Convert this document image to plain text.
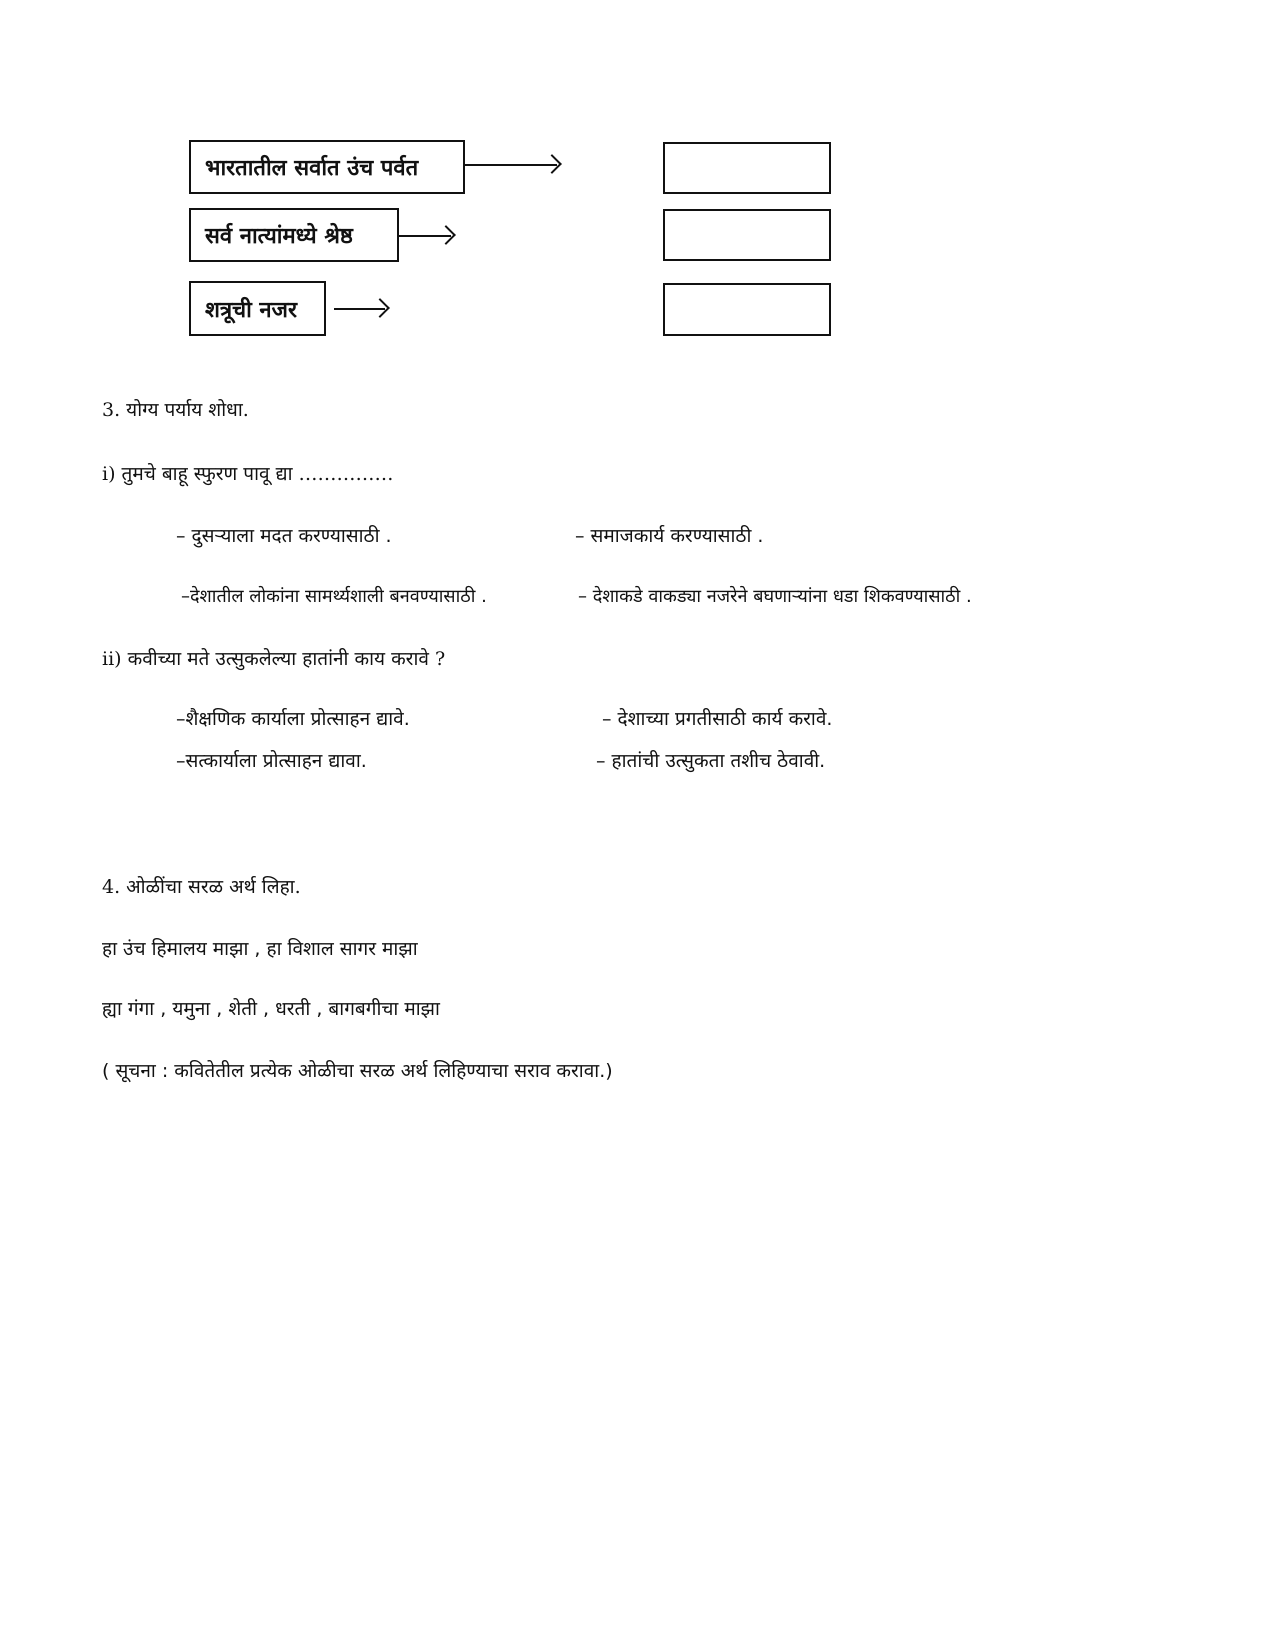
भारतातील सर्वात उंच पर्वत
सर्व नात्यांमध्ये श्रेष्ठ
शत्रूची नजर
3. योग्य पर्याय शोधा.
i) तुमचे बाहू स्फुरण पावू द्या ……………
– दुसऱ्याला मदत करण्यासाठी .	– समाजकार्य करण्यासाठी .
–देशातील लोकांना सामर्थ्यशाली बनवण्यासाठी .	– देशाकडे वाकड्या नजरेने बघणाऱ्यांना धडा शिकवण्यासाठी .
ii) कवीच्या मते उत्सुकलेल्या हातांनी काय करावे ?
–शैक्षणिक कार्याला प्रोत्साहन द्यावे.	– देशाच्या प्रगतीसाठी कार्य करावे.
–सत्कार्याला प्रोत्साहन द्यावा.	– हातांची उत्सुकता तशीच ठेवावी.
4. ओळींचा सरळ अर्थ लिहा.
हा उंच हिमालय माझा , हा विशाल सागर माझा
ह्या गंगा , यमुना , शेती , धरती , बागबगीचा माझा
( सूचना : कवितेतील प्रत्येक ओळीचा सरळ अर्थ लिहिण्याचा सराव करावा.)
